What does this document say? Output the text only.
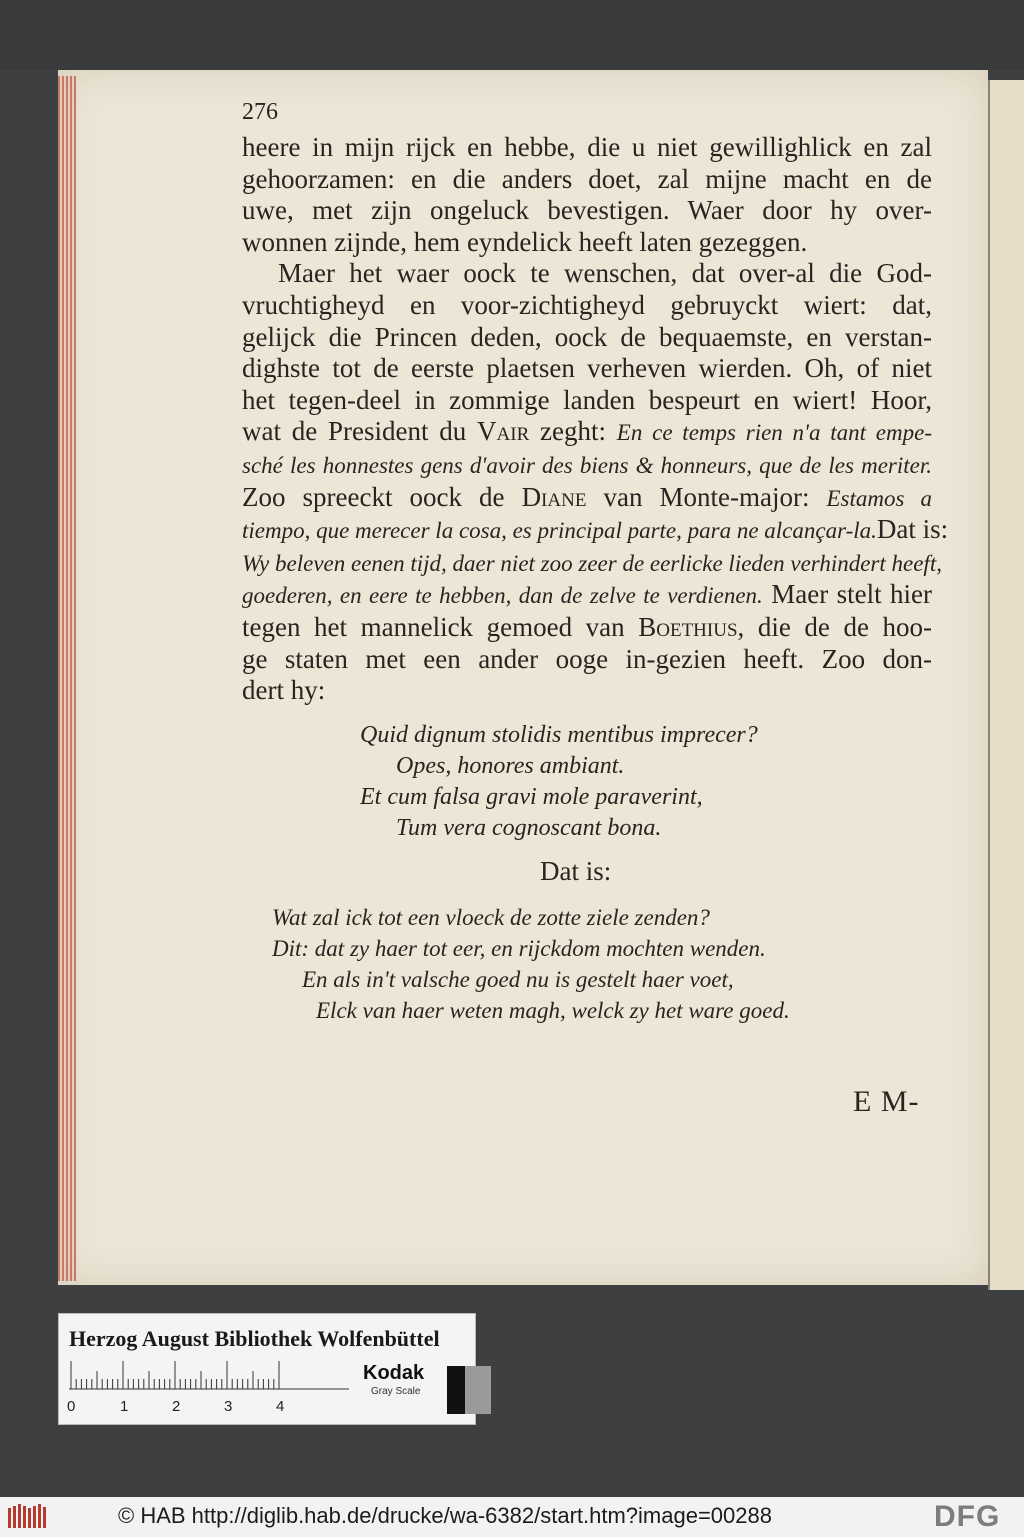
276
heere in mijn rijck en hebbe, die u niet gewillighlick en zal
gehoorzamen: en die anders doet, zal mijne macht en de
uwe, met zijn ongeluck bevestigen. Waer door hy over-
wonnen zijnde, hem eyndelick heeft laten gezeggen.
Maer het waer oock te wenschen, dat over-al die God-
vruchtigheyd en voor-zichtigheyd gebruyckt wiert: dat,
gelijck die Princen deden, oock de bequaemste, en verstan-
dighste tot de eerste plaetsen verheven wierden. Oh, of niet
het tegen-deel in zommige landen bespeurt en wiert! Hoor,
wat de President du Vair zeght: En ce temps rien n'a tant empe-
sché les honnestes gens d'avoir des biens & honneurs, que de les meriter.
Zoo spreeckt oock de Diane van Monte-major: Estamos a
tiempo, que merecer la cosa, es principal parte, para ne alcançar-la.Dat is:
Wy beleven eenen tijd, daer niet zoo zeer de eerlicke lieden verhindert heeft,
goederen, en eere te hebben, dan de zelve te verdienen. Maer stelt hier
tegen het mannelick gemoed van Boethius, die de de hoo-
ge staten met een ander ooge in-gezien heeft. Zoo don-
dert hy:
Quid dignum stolidis mentibus imprecer?
Opes, honores ambiant.
Et cum falsa gravi mole paraverint,
Tum vera cognoscant bona.
Dat is:
Wat zal ick tot een vloeck de zotte ziele zenden?
Dit: dat zy haer tot eer, en rijckdom mochten wenden.
En als in't valsche goed nu is gestelt haer voet,
Elck van haer weten magh, welck zy het ware goed.
E M-
Herzog August Bibliothek Wolfenbüttel
0	1	2	3	4
Kodak
Gray Scale
© HAB http://diglib.hab.de/drucke/wa-6382/start.htm?image=00288	DFG
